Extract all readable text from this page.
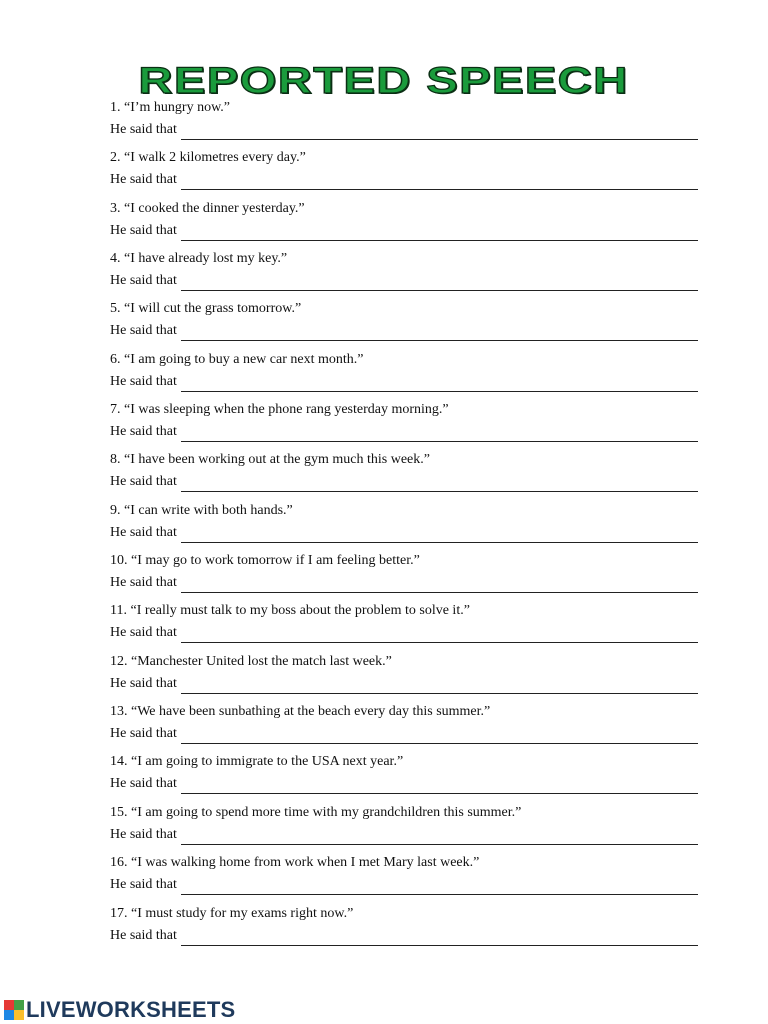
REPORTED SPEECH
1. “I’m hungry now.”
He said that
2. “I walk 2 kilometres every day.”
He said that
3. “I cooked the dinner yesterday.”
He said that
4. “I have already lost my key.”
He said that
5. “I will cut the grass tomorrow.”
He said that
6. “I am going to buy a new car next month.”
He said that
7. “I was sleeping when the phone rang yesterday morning.”
He said that
8. “I have been working out at the gym much this week.”
He said that
9. “I can write with both hands.”
He said that
10. “I may go to work tomorrow if I am feeling better.”
He said that
11. “I really must talk to my boss about the problem to solve it.”
He said that
12. “Manchester United lost the match last week.”
He said that
13. “We have been sunbathing at the beach every day this summer.”
He said that
14. “I am going to immigrate to the USA next year.”
He said that
15. “I am going to spend more time with my grandchildren this summer.”
He said that
16. “I was walking home from work when I met Mary last week.”
He said that
17. “I must study for my exams right now.”
He said that
LIVEWORKSHEETS
